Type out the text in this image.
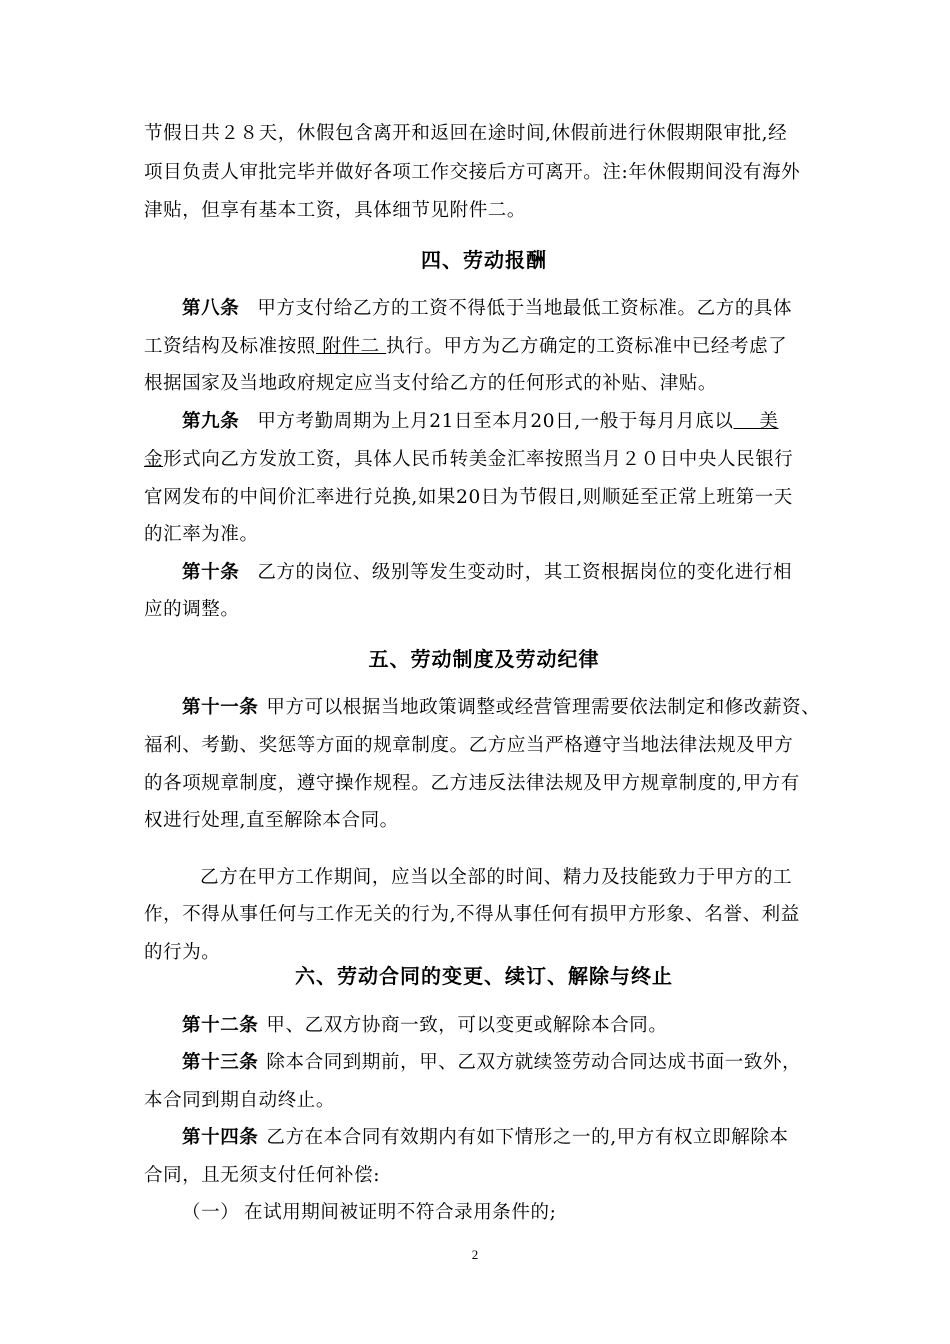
节假日共２８天，休假包含离开和返回在途时间,休假前进行休假期限审批,经
项目负责人审批完毕并做好各项工作交接后方可离开。注:年休假期间没有海外
津贴，但享有基本工资，具体细节见附件二。
四、劳动报酬
第八条 甲方支付给乙方的工资不得低于当地最低工资标准。乙方的具体
工资结构及标准按照 附件二 执行。甲方为乙方确定的工资标准中已经考虑了
根据国家及当地政府规定应当支付给乙方的任何形式的补贴、津贴。
第九条 甲方考勤周期为上月21日至本月20日,一般于每月月底以    美
金形式向乙方发放工资，具体人民币转美金汇率按照当月２０日中央人民银行
官网发布的中间价汇率进行兑换,如果20日为节假日,则顺延至正常上班第一天
的汇率为准。
第十条 乙方的岗位、级别等发生变动时，其工资根据岗位的变化进行相
应的调整。
五、劳动制度及劳动纪律
第十一条 甲方可以根据当地政策调整或经营管理需要依法制定和修改薪资、
福利、考勤、奖惩等方面的规章制度。乙方应当严格遵守当地法律法规及甲方
的各项规章制度，遵守操作规程。乙方违反法律法规及甲方规章制度的,甲方有
权进行处理,直至解除本合同。
乙方在甲方工作期间，应当以全部的时间、精力及技能致力于甲方的工
作，不得从事任何与工作无关的行为,不得从事任何有损甲方形象、名誉、利益
的行为。
六、劳动合同的变更、续订、解除与终止
第十二条 甲、乙双方协商一致，可以变更或解除本合同。
第十三条 除本合同到期前，甲、乙双方就续签劳动合同达成书面一致外，
本合同到期自动终止。
第十四条 乙方在本合同有效期内有如下情形之一的,甲方有权立即解除本
合同，且无须支付任何补偿:
（一） 在试用期间被证明不符合录用条件的;
2
